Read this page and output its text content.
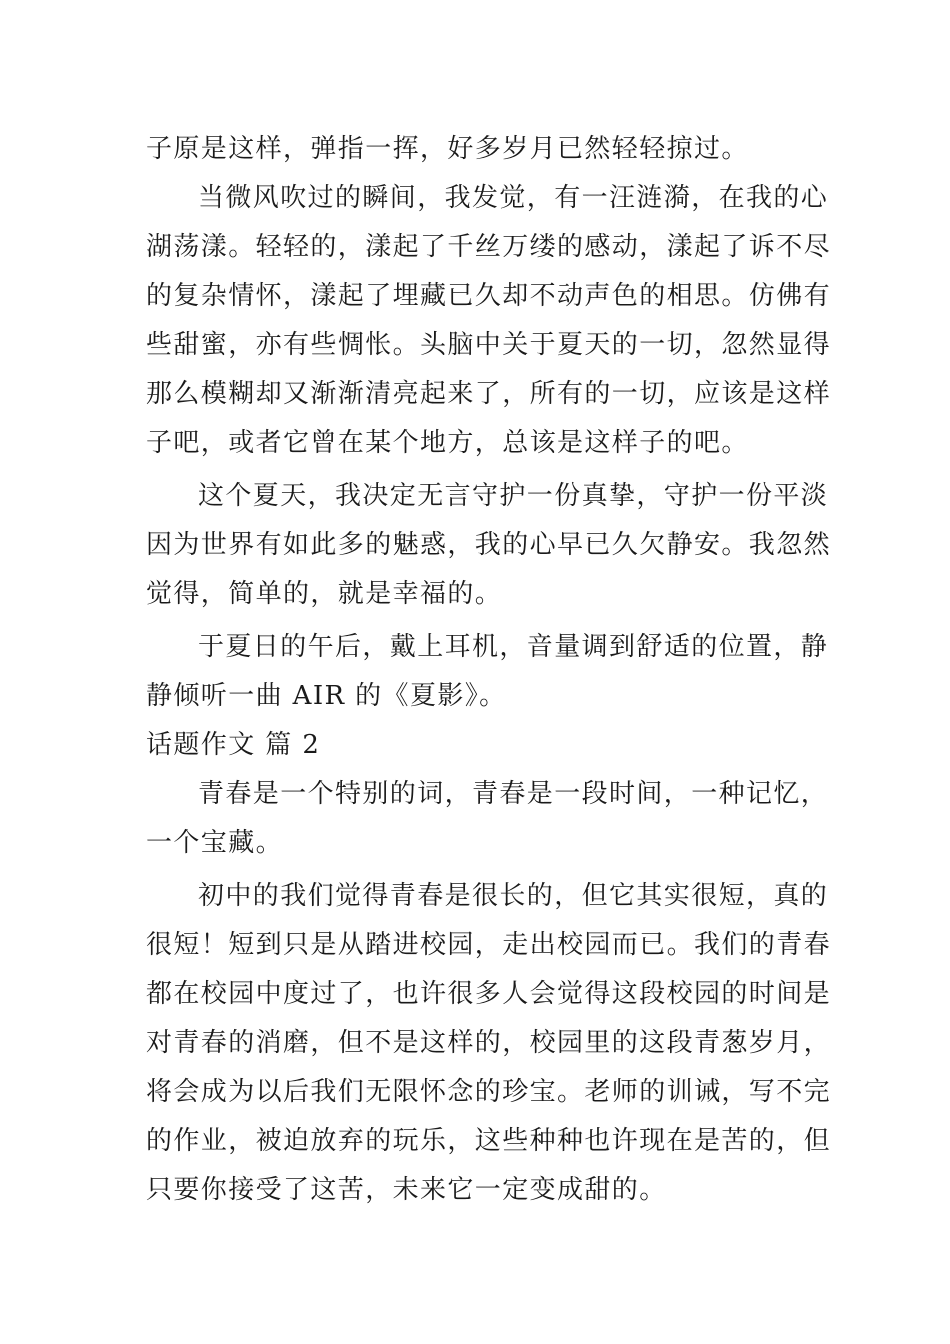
子原是这样，弹指一挥，好多岁月已然轻轻掠过。
当微风吹过的瞬间，我发觉，有一汪涟漪，在我的心
湖荡漾。轻轻的，漾起了千丝万缕的感动，漾起了诉不尽
的复杂情怀，漾起了埋藏已久却不动声色的相思。仿佛有
些甜蜜，亦有些惆怅。头脑中关于夏天的一切，忽然显得
那么模糊却又渐渐清亮起来了，所有的一切，应该是这样
子吧，或者它曾在某个地方，总该是这样子的吧。
这个夏天，我决定无言守护一份真挚，守护一份平淡
因为世界有如此多的魅惑，我的心早已久欠静安。我忽然
觉得，简单的，就是幸福的。
于夏日的午后，戴上耳机，音量调到舒适的位置，静
静倾听一曲 AIR 的《夏影》。
话题作文 篇 2
青春是一个特别的词，青春是一段时间，一种记忆，
一个宝藏。
初中的我们觉得青春是很长的，但它其实很短，真的
很短！短到只是从踏进校园，走出校园而已。我们的青春
都在校园中度过了，也许很多人会觉得这段校园的时间是
对青春的消磨，但不是这样的，校园里的这段青葱岁月，
将会成为以后我们无限怀念的珍宝。老师的训诫，写不完
的作业，被迫放弃的玩乐，这些种种也许现在是苦的，但
只要你接受了这苦，未来它一定变成甜的。
